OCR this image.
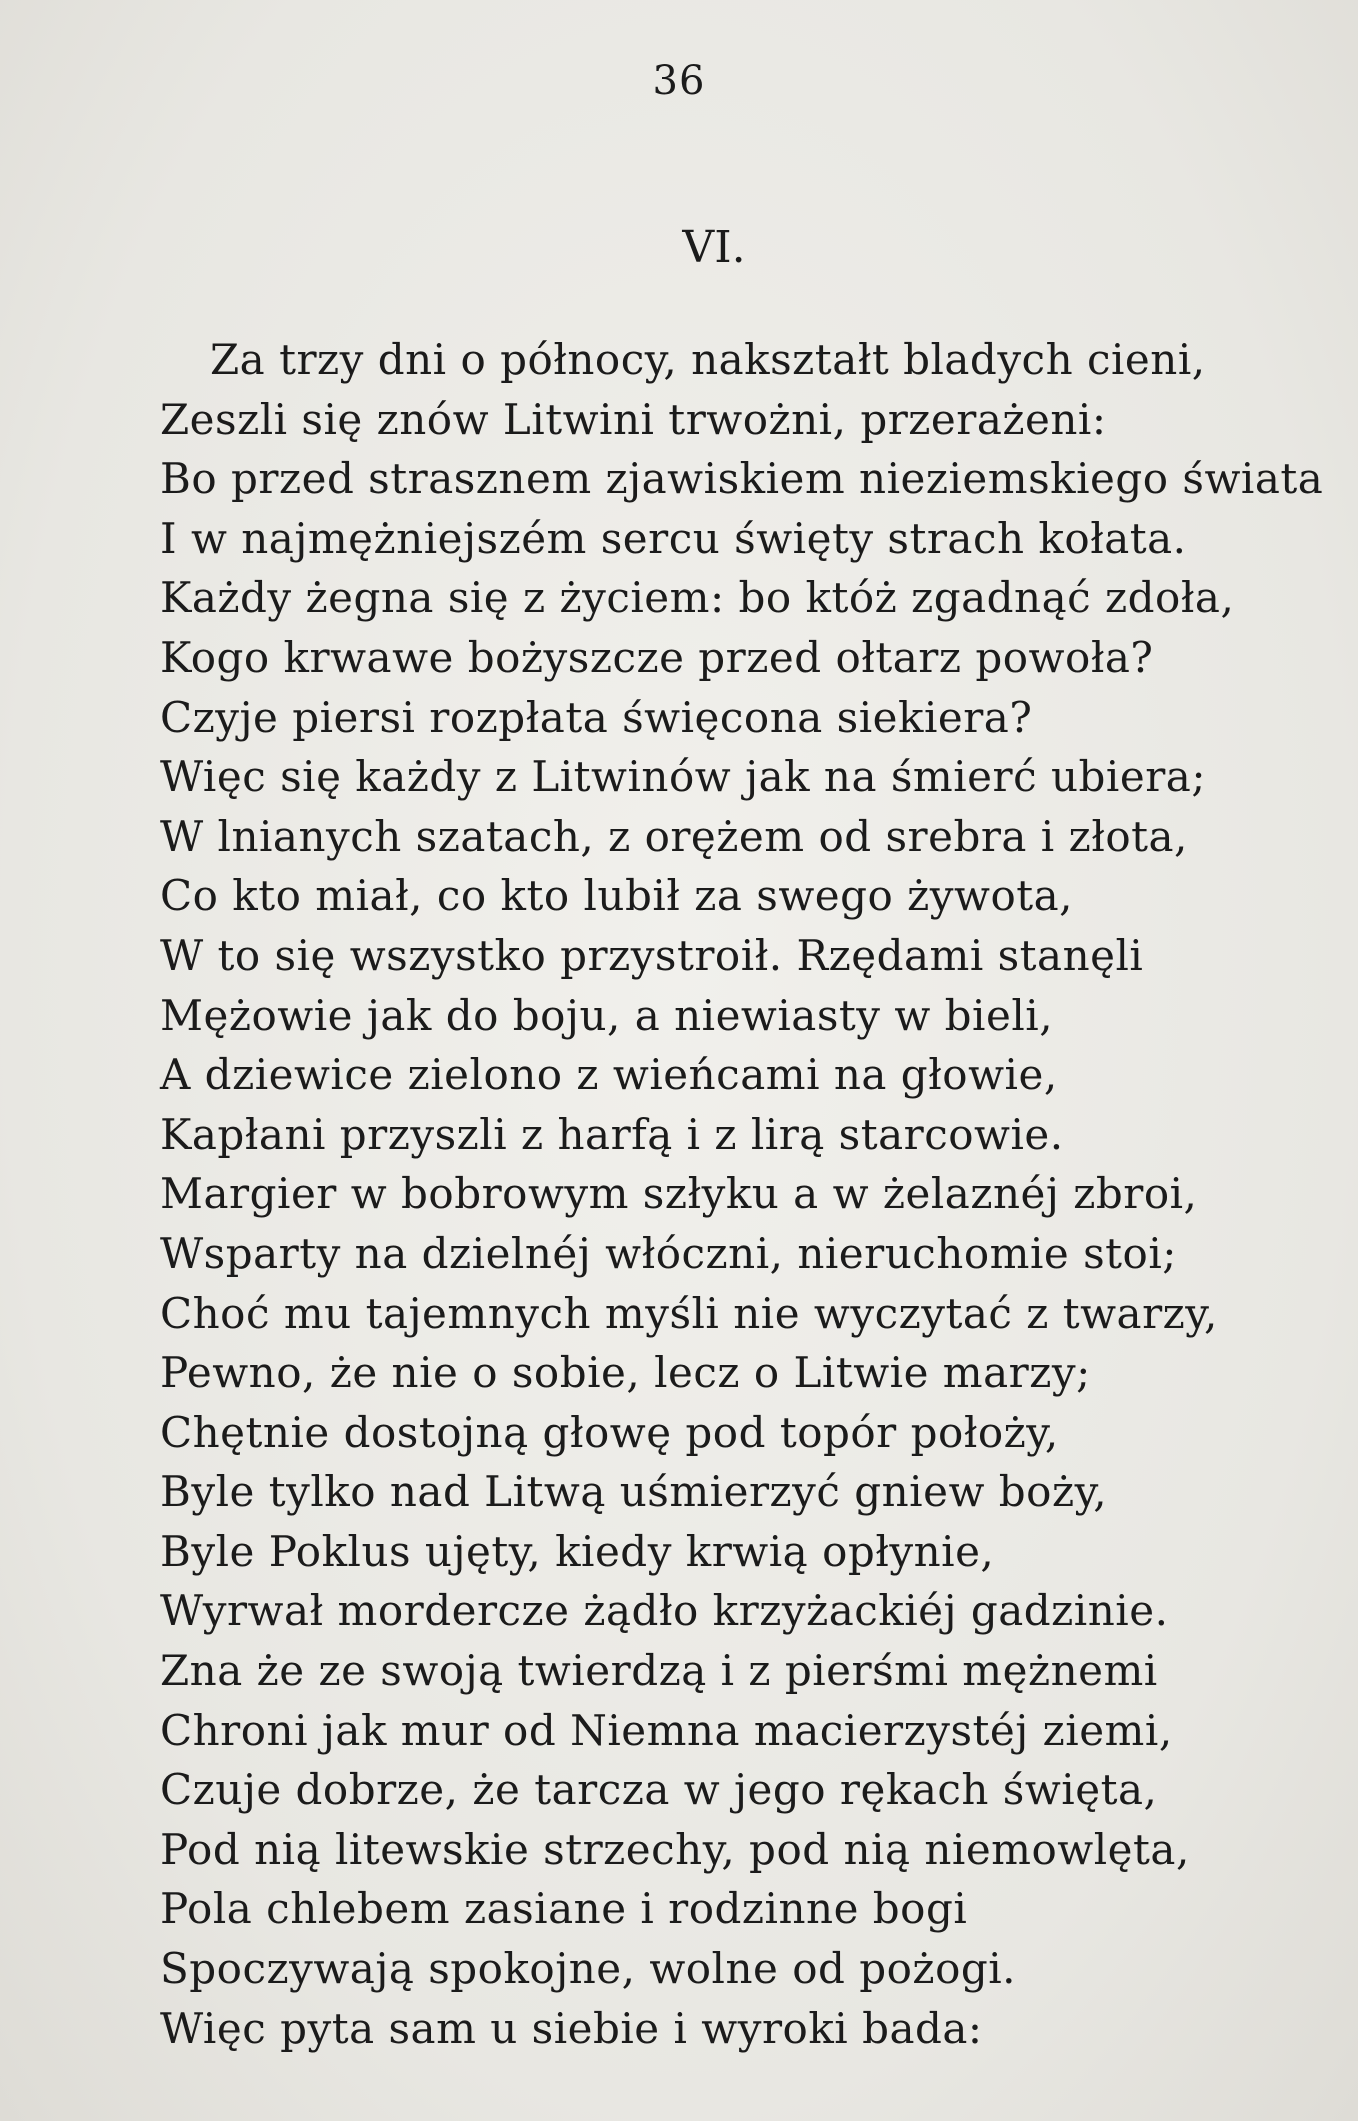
36
VI.
Za trzy dni o północy, nakształt bladych cieni,
Zeszli się znów Litwini trwożni, przerażeni:
Bo przed strasznem zjawiskiem nieziemskiego świata
I w najmężniejszém sercu święty strach kołata.
Każdy żegna się z życiem: bo któż zgadnąć zdoła,
Kogo krwawe bożyszcze przed ołtarz powoła?
Czyje piersi rozpłata święcona siekiera?
Więc się każdy z Litwinów jak na śmierć ubiera;
W lnianych szatach, z orężem od srebra i złota,
Co kto miał, co kto lubił za swego żywota,
W to się wszystko przystroił. Rzędami stanęli
Mężowie jak do boju, a niewiasty w bieli,
A dziewice zielono z wieńcami na głowie,
Kapłani przyszli z harfą i z lirą starcowie.
Margier w bobrowym szłyku a w żelaznéj zbroi,
Wsparty na dzielnéj włóczni, nieruchomie stoi;
Choć mu tajemnych myśli nie wyczytać z twarzy,
Pewno, że nie o sobie, lecz o Litwie marzy;
Chętnie dostojną głowę pod topór położy,
Byle tylko nad Litwą uśmierzyć gniew boży,
Byle Poklus ujęty, kiedy krwią opłynie,
Wyrwał mordercze żądło krzyżackiéj gadzinie.
Zna że ze swoją twierdzą i z pierśmi mężnemi
Chroni jak mur od Niemna macierzystéj ziemi,
Czuje dobrze, że tarcza w jego rękach święta,
Pod nią litewskie strzechy, pod nią niemowlęta,
Pola chlebem zasiane i rodzinne bogi
Spoczywają spokojne, wolne od pożogi.
Więc pyta sam u siebie i wyroki bada:
